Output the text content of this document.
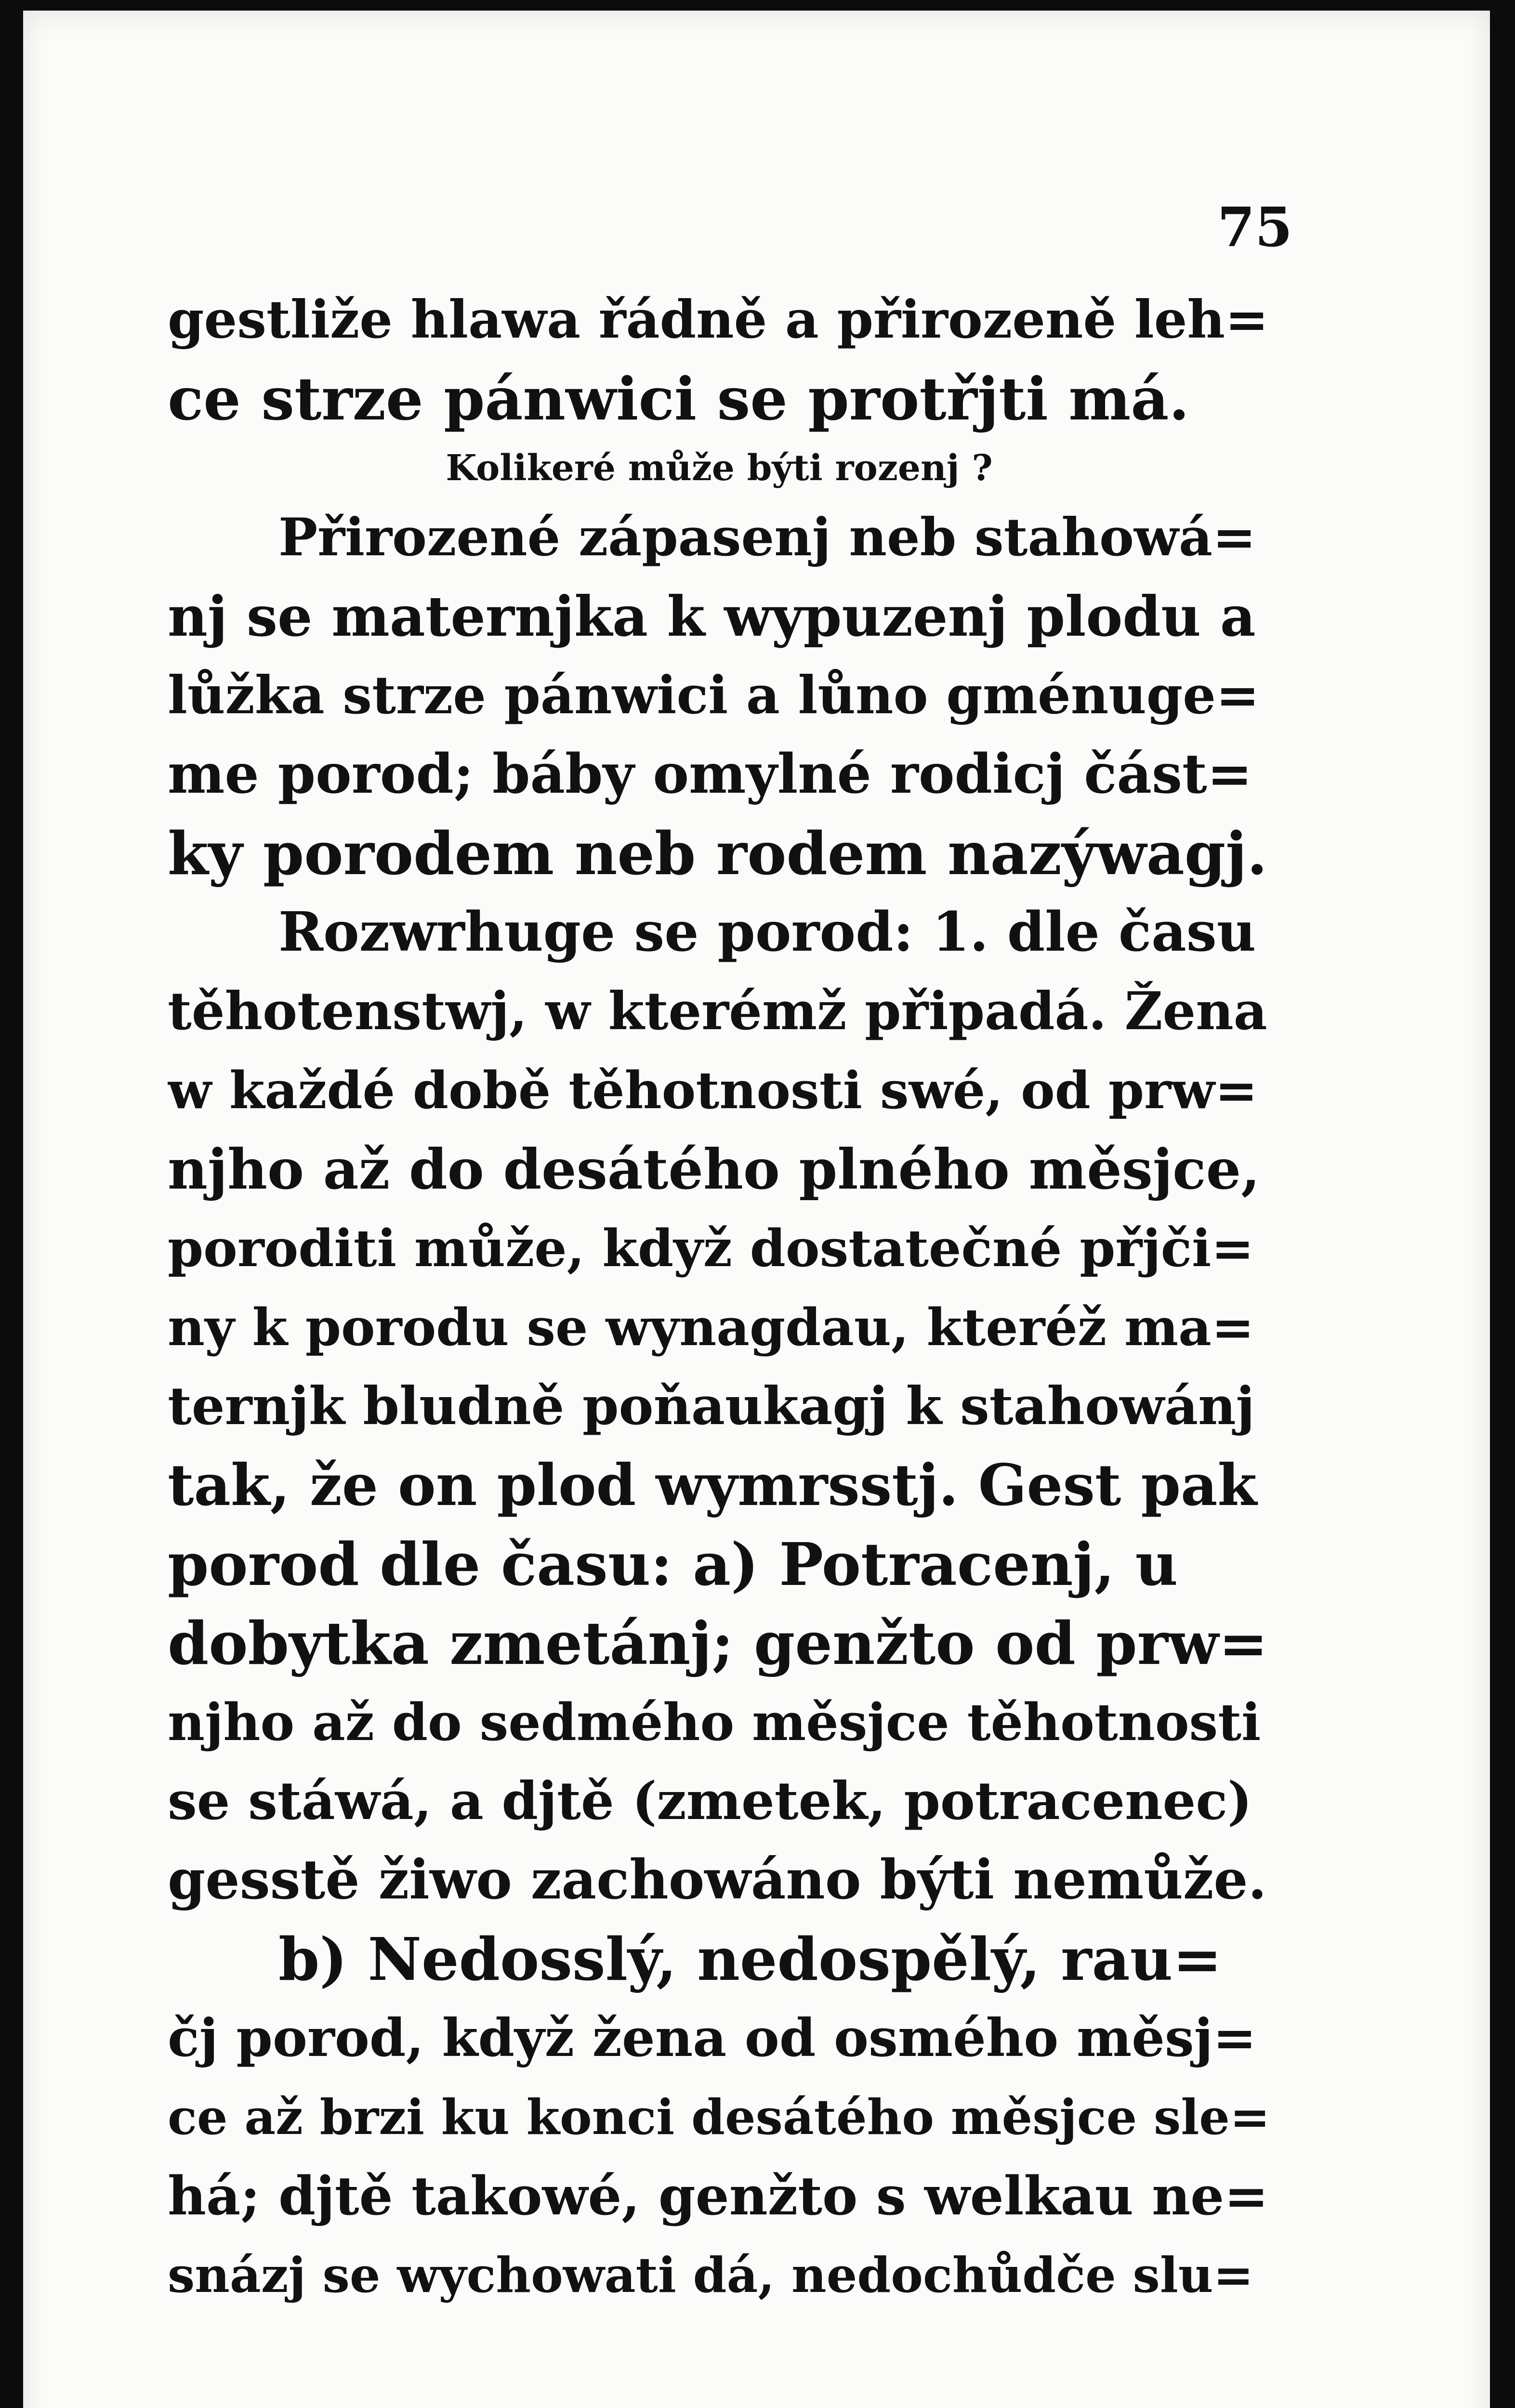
75
gestliže hlawa řádně a přirozeně leh=
ce strze pánwici se protřjti má.
Kolikeré může býti rozenj ?
Přirozené zápasenj neb stahowá=
nj se maternjka k wypuzenj plodu a
lůžka strze pánwici a lůno gménuge=
me porod; báby omylné rodicj část=
ky porodem neb rodem nazýwagj.
Rozwrhuge se porod: 1. dle času
těhotenstwj, w kterémž připadá. Žena
w každé době těhotnosti swé, od prw=
njho až do desátého plného měsjce,
poroditi může, když dostatečné přjči=
ny k porodu se wynagdau, kteréž ma=
ternjk bludně poňaukagj k stahowánj
tak, že on plod wymrsstj. Gest pak
porod dle času: a) Potracenj, u
dobytka zmetánj; genžto od prw=
njho až do sedmého měsjce těhotnosti
se stáwá, a djtě (zmetek, potracenec)
gesstě žiwo zachowáno býti nemůže.
b) Nedosslý, nedospělý, rau=
čj porod, když žena od osmého měsj=
ce až brzi ku konci desátého měsjce sle=
há; djtě takowé, genžto s welkau ne=
snázj se wychowati dá, nedochůdče slu=
